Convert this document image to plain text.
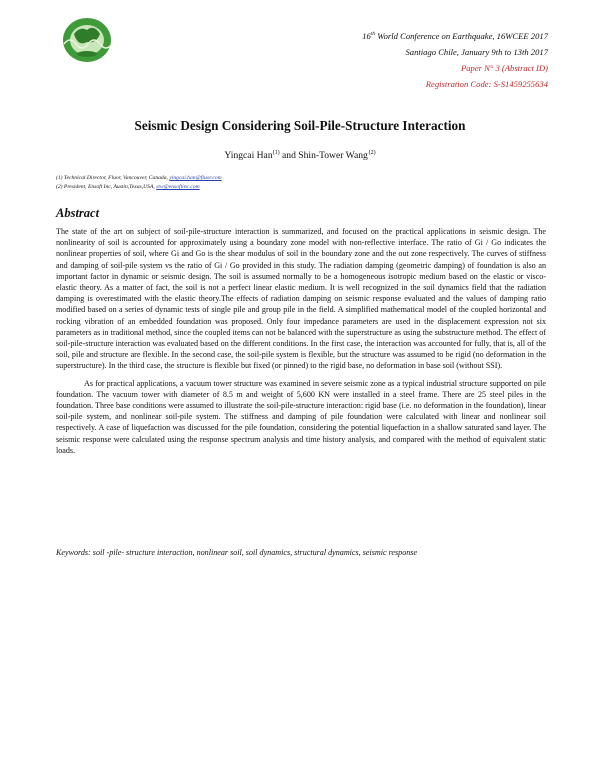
16th World Conference on Earthquake, 16WCEE 2017
Santiago Chile, January 9th to 13th 2017
Paper N° 3 (Abstract ID)
Registration Code: S-S1459255634
Seismic Design Considering Soil-Pile-Structure Interaction
Yingcai Han$^{(1)}$ and Shin-Tower Wang $^{(2)}$
(1) Technical Director, Fluor, Vancouver, Canada, yingcai.han@fluor.com
(2) President, Ensoft Inc, Austin,Texas,USA, stw@ensoftinc.com
Abstract

The state of the art on subject of soil-pile-structure interaction is summarized, and focused on the practical applications in seismic design. The nonlinearity of soil is accounted for approximately using a boundary zone model with non-reflective interface. The ratio of Gi / Go indicates the nonlinear properties of soil, where Gi and Go is the shear modulus of soil in the boundary zone and the out zone respectively. The curves of stiffness and damping of soil-pile system vs the ratio of Gi / Go provided in this study. The radiation damping (geometric damping) of foundation is also an important factor in dynamic or seismic design. The soil is assumed normally to be a homogeneous isotropic medium based on the elastic or visco-elastic theory. As a matter of fact, the soil is not a perfect linear elastic medium. It is well recognized in the soil dynamics field that the radiation damping is overestimated with the elastic theory.The effects of radiation damping on seismic response evaluated and the values of damping ratio modified based on a series of dynamic tests of single pile and group pile in the field. A simplified mathematical model of the coupled horizontal and rocking vibration of an embedded foundation was proposed. Only four impedance parameters are used in the displacement expression not six parameters as in traditional method, since the coupled items can not be balanced with the superstructure as using the substructure method. The effect of soil-pile-structure interaction was evaluated based on the different conditions. In the first case, the interaction was accounted for fully, that is, all of the soil, pile and structure are flexible. In the second case, the soil-pile system is flexible, but the structure was assumed to be rigid (no deformation in the superstructure). In the third case, the structure is flexible but fixed (or pinned) to the rigid base, no deformation in base soil (without SSI).

As for practical applications, a vacuum tower structure was examined in severe seismic zone as a typical industrial structure supported on pile foundation. The vacuum tower with diameter of 8.5 m and weight of 5,600 KN were installed in a steel frame. There are 25 steel piles in the foundation. Three base conditions were assumed to illustrate the soil-pile-structure interaction: rigid base (i.e. no deformation in the foundation), linear soil-pile system, and nonlinear soil-pile system. The stiffness and damping of pile foundation were calculated with linear and nonlinear soil respectively. A case of liquefaction was discussed for the pile foundation, considering the potential liquefaction in a shallow saturated sand layer. The seismic response were calculated using the response spectrum analysis and time history analysis, and compared with the method of equivalent static loads.

Keywords: soil -pile- structure interaction, nonlinear soil, soil dynamics, structural dynamics, seismic response
